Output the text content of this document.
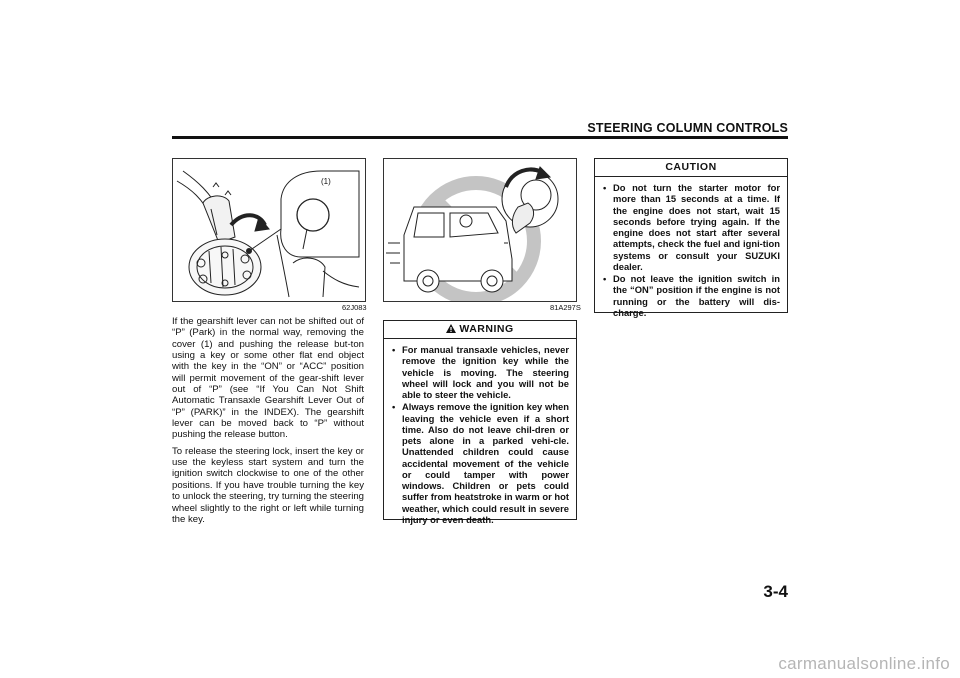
STEERING COLUMN CONTROLS
(1)
62J083

If the gearshift lever can not be shifted out of “P” (Park) in the normal way, removing the cover (1) and pushing the release but-ton using a key or some other flat end object with the key in the “ON” or “ACC” position will permit movement of the gear-shift lever out of “P” (see “If You Can Not Shift Automatic Transaxle Gearshift Lever Out of “P” (PARK)” in the INDEX). The gearshift lever can be moved back to “P” without pushing the release button.

To release the steering lock, insert the key or use the keyless start system and turn the ignition switch clockwise to one of the other positions. If you have trouble turning the key to unlock the steering, try turning the steering wheel slightly to the right or left while turning the key.

81A297S
WARNING
• For manual transaxle vehicles, never remove the ignition key while the vehicle is moving. The steering wheel will lock and you will not be able to steer the vehicle.
• Always remove the ignition key when leaving the vehicle even if a short time. Also do not leave chil-dren or pets alone in a parked vehi-cle. Unattended children could cause accidental movement of the vehicle or could tamper with power windows. Children or pets could suffer from heatstroke in warm or hot weather, which could result in severe injury or even death.
CAUTION
• Do not turn the starter motor for more than 15 seconds at a time. If the engine does not start, wait 15 seconds before trying again. If the engine does not start after several attempts, check the fuel and igni-tion systems or consult your SUZUKI dealer.
• Do not leave the ignition switch in the “ON” position if the engine is not running or the battery will dis-charge.
3-4
carmanualsonline.info
